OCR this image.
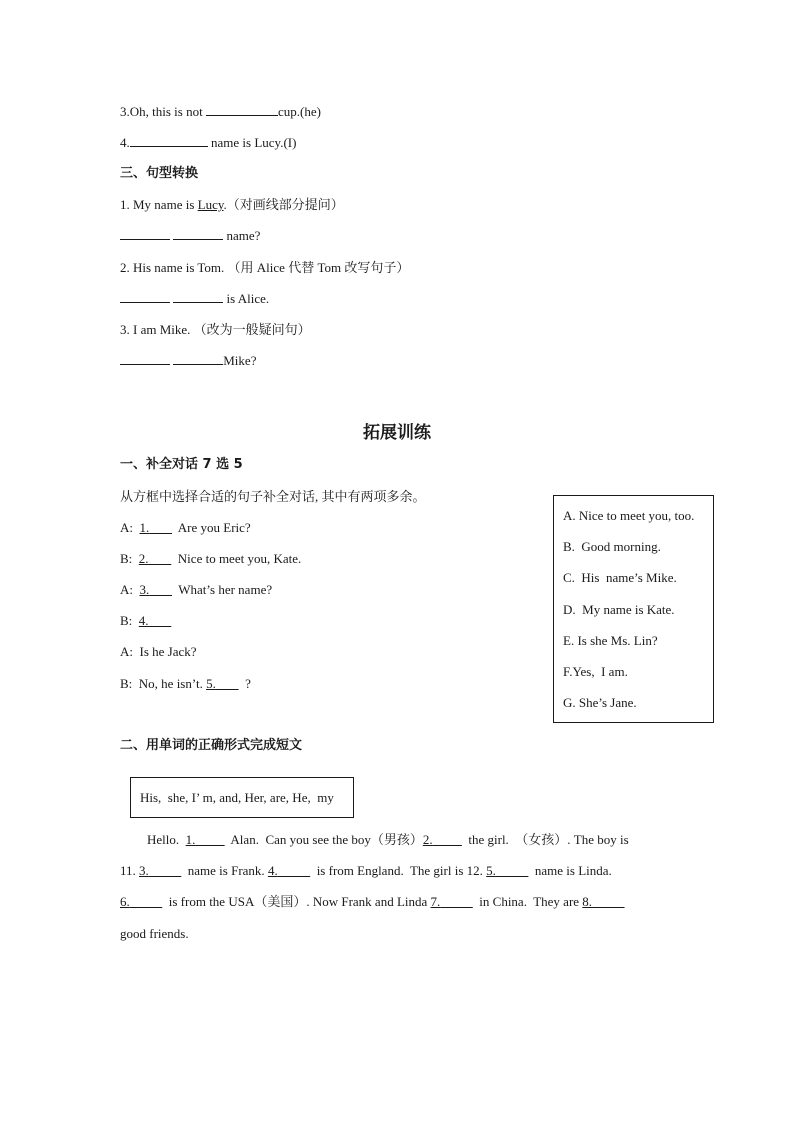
3.Oh, this is not	cup.(he)
4.	name is Lucy.(I)
三、句型转换
1. My name is Lucy.（对画线部分提问）
name?
2. His name is Tom. （用 Alice 代替 Tom 改写句子）
is Alice.
3. I am Mike. （改为一般疑问句）
Mike?
拓展训练
一、补全对话 7 选 5
从方框中选择合适的句子补全对话, 其中有两项多余。
A:  1.         Are you Eric?
B:  2.         Nice to meet you, Kate.
A:  3.         What’s her name?
B:  4.
A:  Is he Jack?
B:  No, he isn’t. 5.         ?
A. Nice to meet you, too.
B.  Good morning.
C.  His  name’s Mike.
D.  My name is Kate.
E. Is she Ms. Lin?
F.Yes,  I am.
G. She’s Jane.
二、用单词的正确形式完成短文
His,  she, I’ m, and, Her, are, He,  my
Hello.  1.           Alan.  Can you see the boy（男孩）2.           the girl.  （女孩）. The boy is
11. 3.	name is Frank. 4.	is from England.  The girl is 12. 5.	name is Linda.
6.	is from the USA（美国）. Now Frank and Linda 7.	in China.  They are 8.
good friends.
